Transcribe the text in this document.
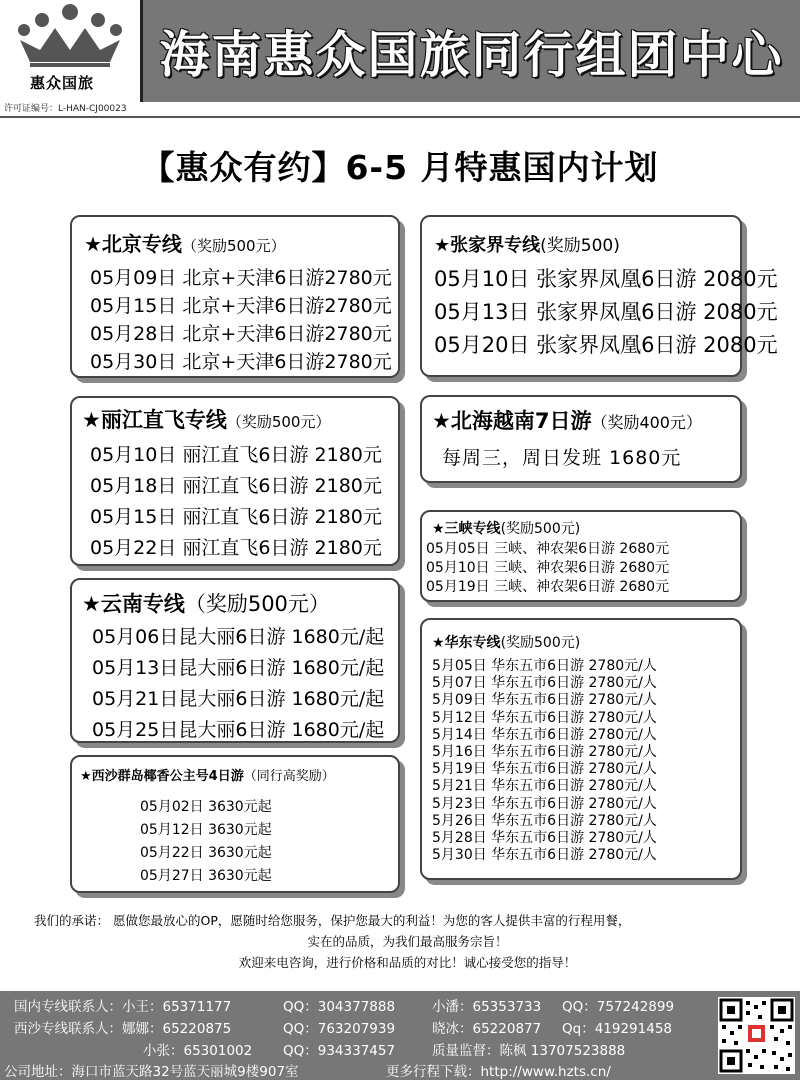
惠众国旅 海南惠众国旅同行组团中心
许可证编号：L-HAN-CJ00023
【惠众有约】6-5 月特惠国内计划
★北京专线（奖励500元）
05月09日 北京+天津6日游2780元
05月15日 北京+天津6日游2780元
05月28日 北京+天津6日游2780元
05月30日 北京+天津6日游2780元
★丽江直飞专线（奖励500元）
05月10日 丽江直飞6日游 2180元
05月18日 丽江直飞6日游 2180元
05月15日 丽江直飞6日游 2180元
05月22日 丽江直飞6日游 2180元
★云南专线（奖励500元）
05月06日昆大丽6日游 1680元/起
05月13日昆大丽6日游 1680元/起
05月21日昆大丽6日游 1680元/起
05月25日昆大丽6日游 1680元/起
★西沙群岛椰香公主号4日游（同行高奖励）
05月02日 3630元起
05月12日 3630元起
05月22日 3630元起
05月27日 3630元起
★张家界专线(奖励500)
05月10日 张家界凤凰6日游 2080元
05月13日 张家界凤凰6日游 2080元
05月20日 张家界凤凰6日游 2080元
★北海越南7日游（奖励400元）
每周三，周日发班 1680元
★三峡专线(奖励500元)
05月05日 三峡、神农架6日游 2680元
05月10日 三峡、神农架6日游 2680元
05月19日 三峡、神农架6日游 2680元
★华东专线(奖励500元)
5月05日 华东五市6日游 2780元/人
5月07日 华东五市6日游 2780元/人
5月09日 华东五市6日游 2780元/人
5月12日 华东五市6日游 2780元/人
5月14日 华东五市6日游 2780元/人
5月16日 华东五市6日游 2780元/人
5月19日 华东五市6日游 2780元/人
5月21日 华东五市6日游 2780元/人
5月23日 华东五市6日游 2780元/人
5月26日 华东五市6日游 2780元/人
5月28日 华东五市6日游 2780元/人
5月30日 华东五市6日游 2780元/人
我们的承诺： 愿做您最放心的OP，愿随时给您服务，保护您最大的利益！为您的客人提供丰富的行程用餐，
实在的品质，为我们最高服务宗旨！
欢迎来电咨询，进行价格和品质的对比！诚心接受您的指导！
国内专线联系人：小王：65371177	QQ：304377888	小潘：65353733 QQ：757242899
西沙专线联系人：娜娜：65220875	QQ：763207939	晓冰：65220877 Qq：419291458
小张：65301002 QQ：934337457	质量监督：陈枫 13707523888
公司地址：海口市蓝天路32号蓝天丽城9楼907室	更多行程下载：http://www.hzts.cn/
